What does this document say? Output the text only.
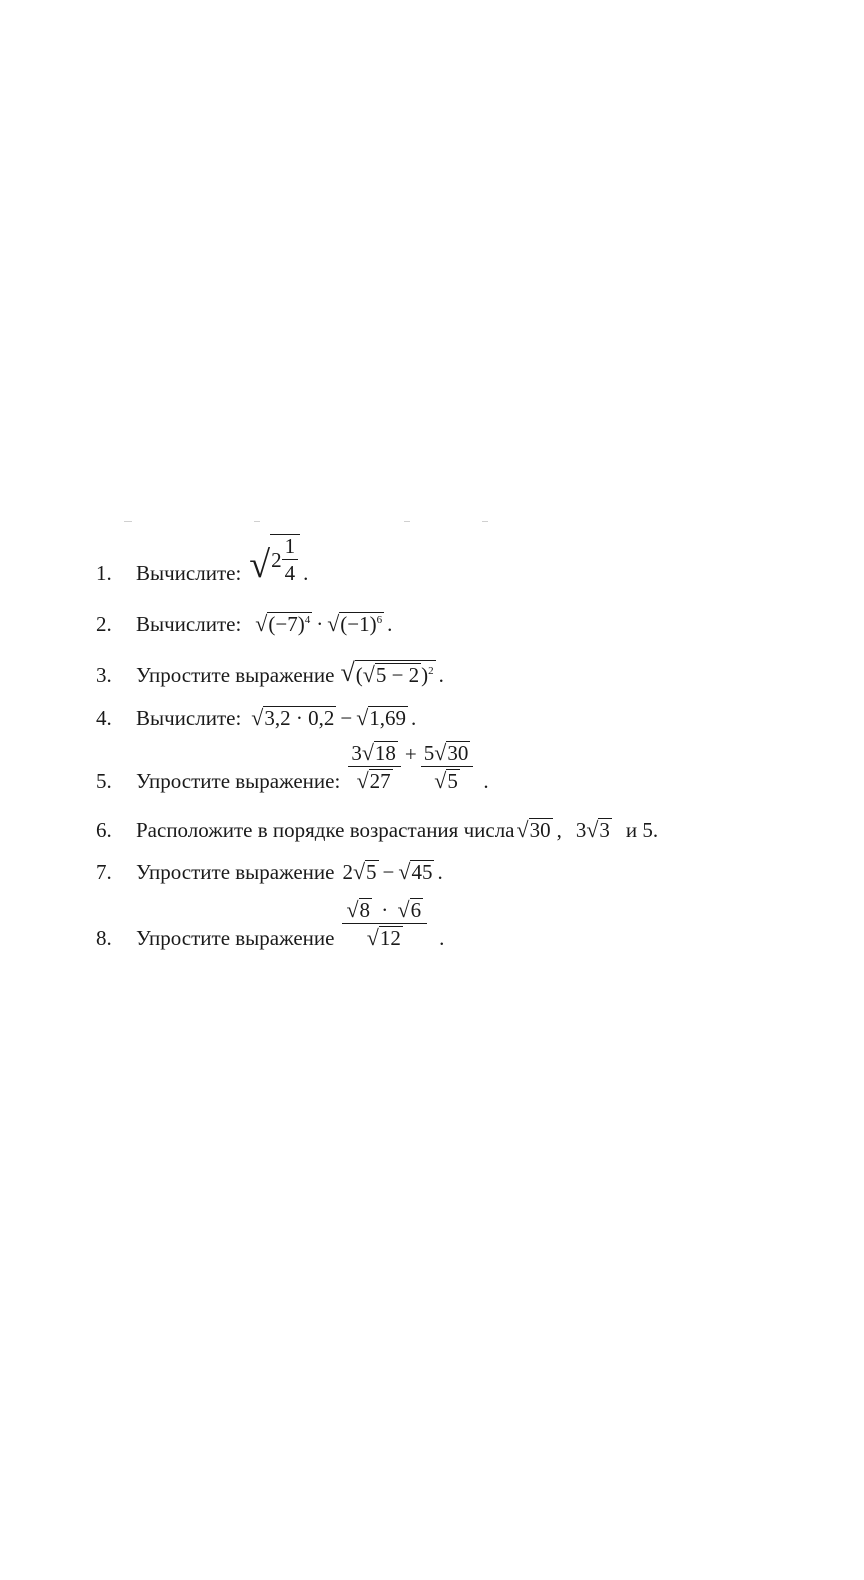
1.	Вычислите: √ $2 \frac{1}{4}$ .
2.	Вычислите: √ $(-7)^4$ · √ $(-1)^6$ .
3.	Упростите выражение √ ( √ 5 − 2 )$^2$ .
4.	Вычислите: √ 3,2 · 0,2 − √ 1,69 .
5.	Упростите выражение: $\frac{3 √ 18}{√ 27} + \frac{5 √ 30}{√ 5}$ .
6.	Расположите в порядке возрастания числа √ 30 , 3 √ 3 и 5.
7.	Упростите выражение 2 √ 5 − √ 45 .
8.	Упростите выражение $\frac{√ 8 \cdot √ 6}{√ 12}$ .
